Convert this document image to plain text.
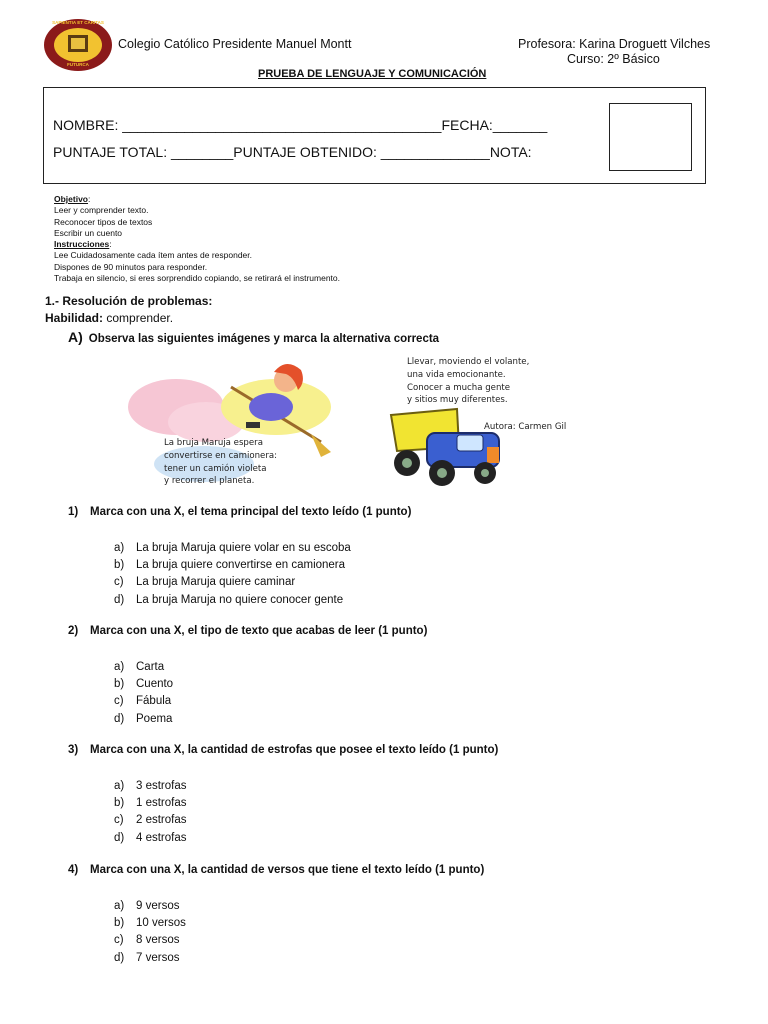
SAPIENTIA ET CARITAS
FUTURCA
Colegio Católico Presidente Manuel Montt	Profesora: Karina Droguett Vilches
Curso: 2º Básico
PRUEBA DE LENGUAJE Y COMUNICACIÓN
NOMBRE: _________________________________________FECHA:_______
PUNTAJE TOTAL: ________PUNTAJE OBTENIDO: ______________NOTA:
Objetivo:
Leer y comprender texto.
Reconocer tipos de textos
Escribir un cuento
Instrucciones:
Lee Cuidadosamente cada ítem antes de responder.
Dispones de 90 minutos para responder.
Trabaja en silencio, si eres sorprendido copiando, se retirará el instrumento.
1.- Resolución de problemas:
Habilidad: comprender.
A) Observa las siguientes imágenes y marca la alternativa correcta
La bruja Maruja espera
convertirse en camionera:
tener un camión violeta
y recorrer el planeta.
Llevar, moviendo el volante,
una vida emocionante.
Conocer a mucha gente
y sitios muy diferentes.
Autora: Carmen Gil
1) Marca con una X, el tema principal del texto leído (1 punto)
a) La bruja Maruja quiere volar en su escoba
b) La bruja quiere convertirse en camionera
c) La bruja Maruja quiere caminar
d) La bruja Maruja no quiere conocer gente
2) Marca con una X, el tipo de texto que acabas de leer (1 punto)
a) Carta
b) Cuento
c) Fábula
d) Poema
3) Marca con una X, la cantidad de estrofas que posee el texto leído (1 punto)
a) 3 estrofas
b) 1 estrofas
c) 2 estrofas
d) 4 estrofas
4) Marca con una X, la cantidad de versos que tiene el texto leído (1 punto)
a) 9 versos
b) 10 versos
c) 8 versos
d) 7 versos
